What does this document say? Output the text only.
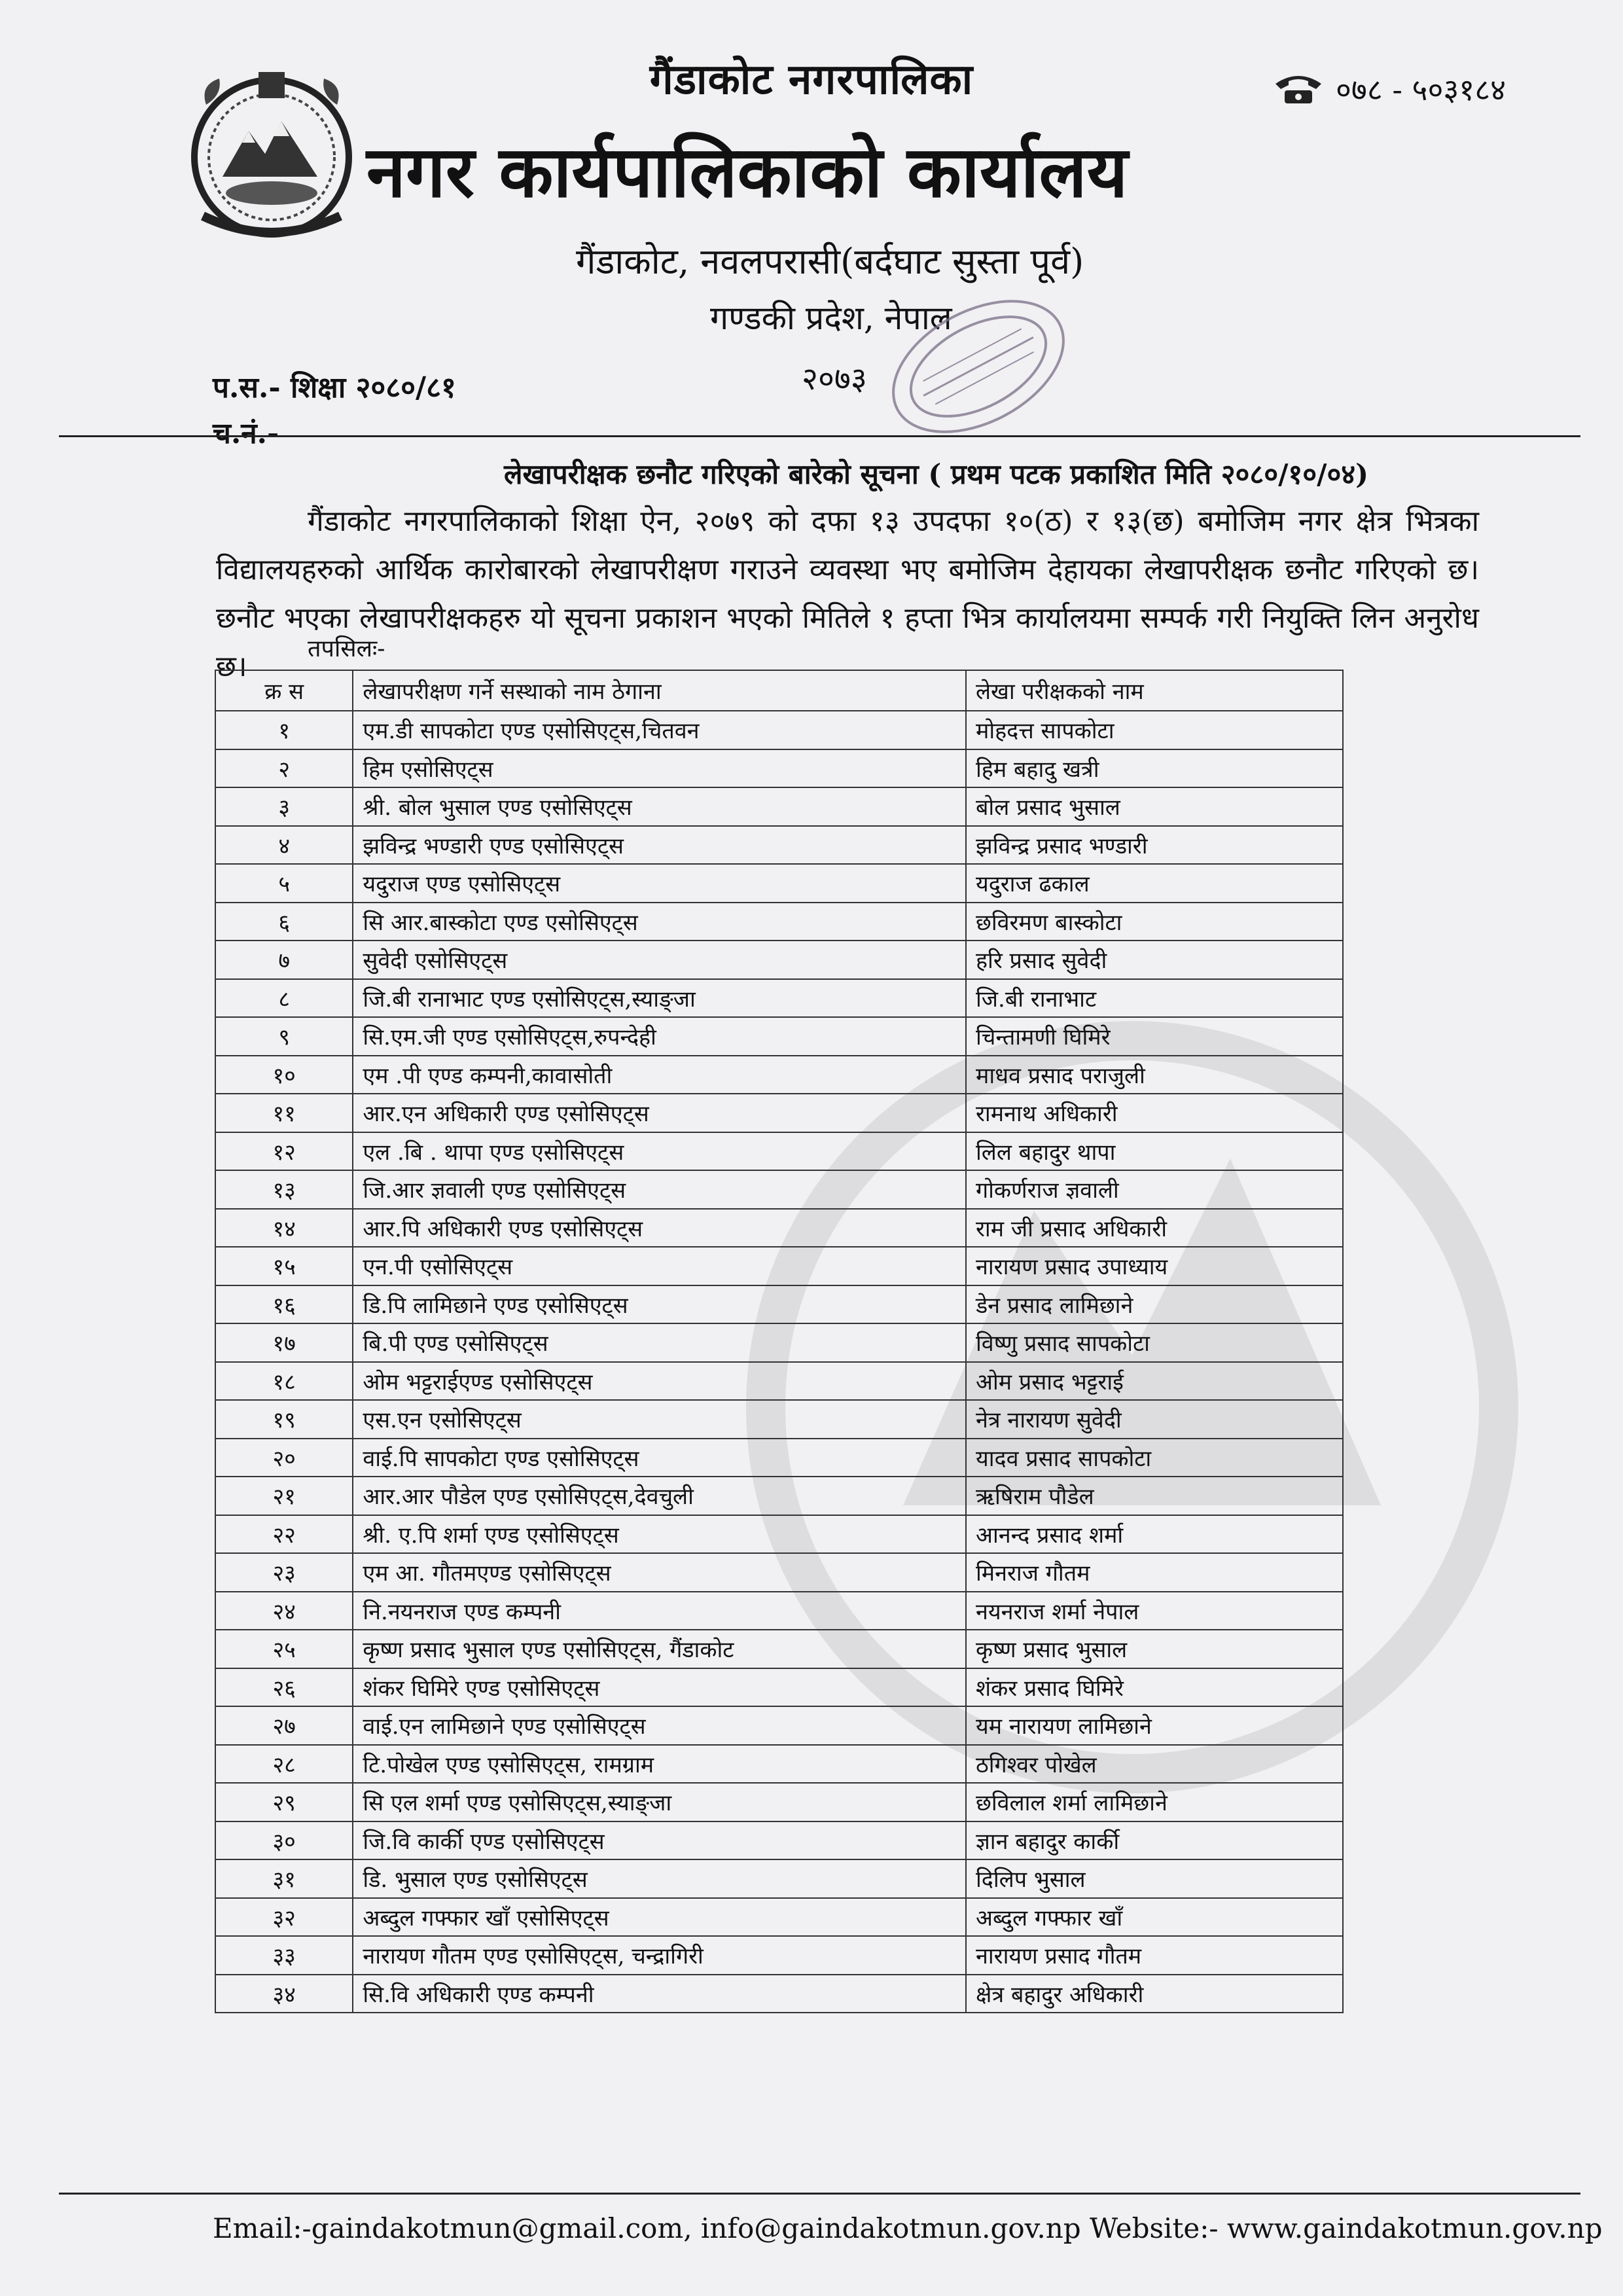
गैंडाकोट नगरपालिका
नगर कार्यपालिकाको कार्यालय
०७८ - ५०३१८४
गैंडाकोट, नवलपरासी(बर्दघाट सुस्ता पूर्व)
गण्डकी प्रदेश, नेपाल
२०७३
प.स.- शिक्षा २०८०/८१
च.नं.-
लेखापरीक्षक छनौट गरिएको बारेको सूचना ( प्रथम पटक प्रकाशित मिति २०८०/१०/०४)
गैंडाकोट नगरपालिकाको शिक्षा ऐन, २०७९ को दफा १३ उपदफा १०(ठ) र १३(छ) बमोजिम नगर क्षेत्र भित्रका विद्यालयहरुको आर्थिक कारोबारको लेखापरीक्षण गराउने व्यवस्था भए बमोजिम देहायका लेखापरीक्षक छनौट गरिएको छ। छनौट भएका लेखापरीक्षकहरु यो सूचना प्रकाशन भएको मितिले १ हप्ता भित्र कार्यालयमा सम्पर्क गरी नियुक्ति लिन अनुरोध छ।
तपसिलः-
क्र स	लेखापरीक्षण गर्ने सस्थाको नाम ठेगाना	लेखा परीक्षकको नाम
१	एम.डी सापकोटा एण्ड एसोसिएट्स,चितवन	मोहदत्त सापकोटा
२	हिम एसोसिएट्स	हिम बहादु खत्री
३	श्री. बोल भुसाल एण्ड एसोसिएट्स	बोल प्रसाद भुसाल
४	झविन्द्र भण्डारी एण्ड एसोसिएट्स	झविन्द्र प्रसाद भण्डारी
५	यदुराज एण्ड एसोसिएट्स	यदुराज ढकाल
६	सि आर.बास्कोटा एण्ड एसोसिएट्स	छविरमण बास्कोटा
७	सुवेदी एसोसिएट्स	हरि प्रसाद सुवेदी
८	जि.बी रानाभाट एण्ड एसोसिएट्स,स्याङ्जा	जि.बी रानाभाट
९	सि.एम.जी एण्ड एसोसिएट्स,रुपन्देही	चिन्तामणी घिमिरे
१०	एम .पी एण्ड कम्पनी,कावासोती	माधव प्रसाद पराजुली
११	आर.एन अधिकारी एण्ड एसोसिएट्स	रामनाथ अधिकारी
१२	एल .बि . थापा एण्ड एसोसिएट्स	लिल बहादुर थापा
१३	जि.आर ज्ञवाली एण्ड एसोसिएट्स	गोकर्णराज ज्ञवाली
१४	आर.पि अधिकारी एण्ड एसोसिएट्स	राम जी प्रसाद अधिकारी
१५	एन.पी एसोसिएट्स	नारायण प्रसाद उपाध्याय
१६	डि.पि लामिछाने एण्ड एसोसिएट्स	डेन प्रसाद लामिछाने
१७	बि.पी एण्ड एसोसिएट्स	विष्णु प्रसाद सापकोटा
१८	ओम भट्टराईएण्ड एसोसिएट्स	ओम प्रसाद भट्टराई
१९	एस.एन एसोसिएट्स	नेत्र नारायण सुवेदी
२०	वाई.पि सापकोटा एण्ड एसोसिएट्स	यादव प्रसाद सापकोटा
२१	आर.आर पौडेल एण्ड एसोसिएट्स,देवचुली	ऋषिराम पौडेल
२२	श्री. ए.पि शर्मा एण्ड एसोसिएट्स	आनन्द प्रसाद शर्मा
२३	एम आ. गौतमएण्ड एसोसिएट्स	मिनराज गौतम
२४	नि.नयनराज एण्ड कम्पनी	नयनराज शर्मा नेपाल
२५	कृष्ण प्रसाद भुसाल एण्ड एसोसिएट्स, गैंडाकोट	कृष्ण प्रसाद भुसाल
२६	शंकर घिमिरे एण्ड एसोसिएट्स	शंकर प्रसाद घिमिरे
२७	वाई.एन लामिछाने एण्ड एसोसिएट्स	यम नारायण लामिछाने
२८	टि.पोखेल एण्ड एसोसिएट्स, रामग्राम	ठगिश्वर पोखेल
२९	सि एल शर्मा एण्ड एसोसिएट्स,स्याङ्जा	छविलाल शर्मा लामिछाने
३०	जि.वि कार्की एण्ड एसोसिएट्स	ज्ञान बहादुर कार्की
३१	डि. भुसाल एण्ड एसोसिएट्स	दिलिप भुसाल
३२	अब्दुल गफ्फार खाँ एसोसिएट्स	अब्दुल गफ्फार खाँ
३३	नारायण गौतम एण्ड एसोसिएट्स, चन्द्रागिरी	नारायण प्रसाद गौतम
३४	सि.वि अधिकारी एण्ड कम्पनी	क्षेत्र बहादुर अधिकारी
Email:-gaindakotmun@gmail.com, info@gaindakotmun.gov.np Website:- www.gaindakotmun.gov.np
